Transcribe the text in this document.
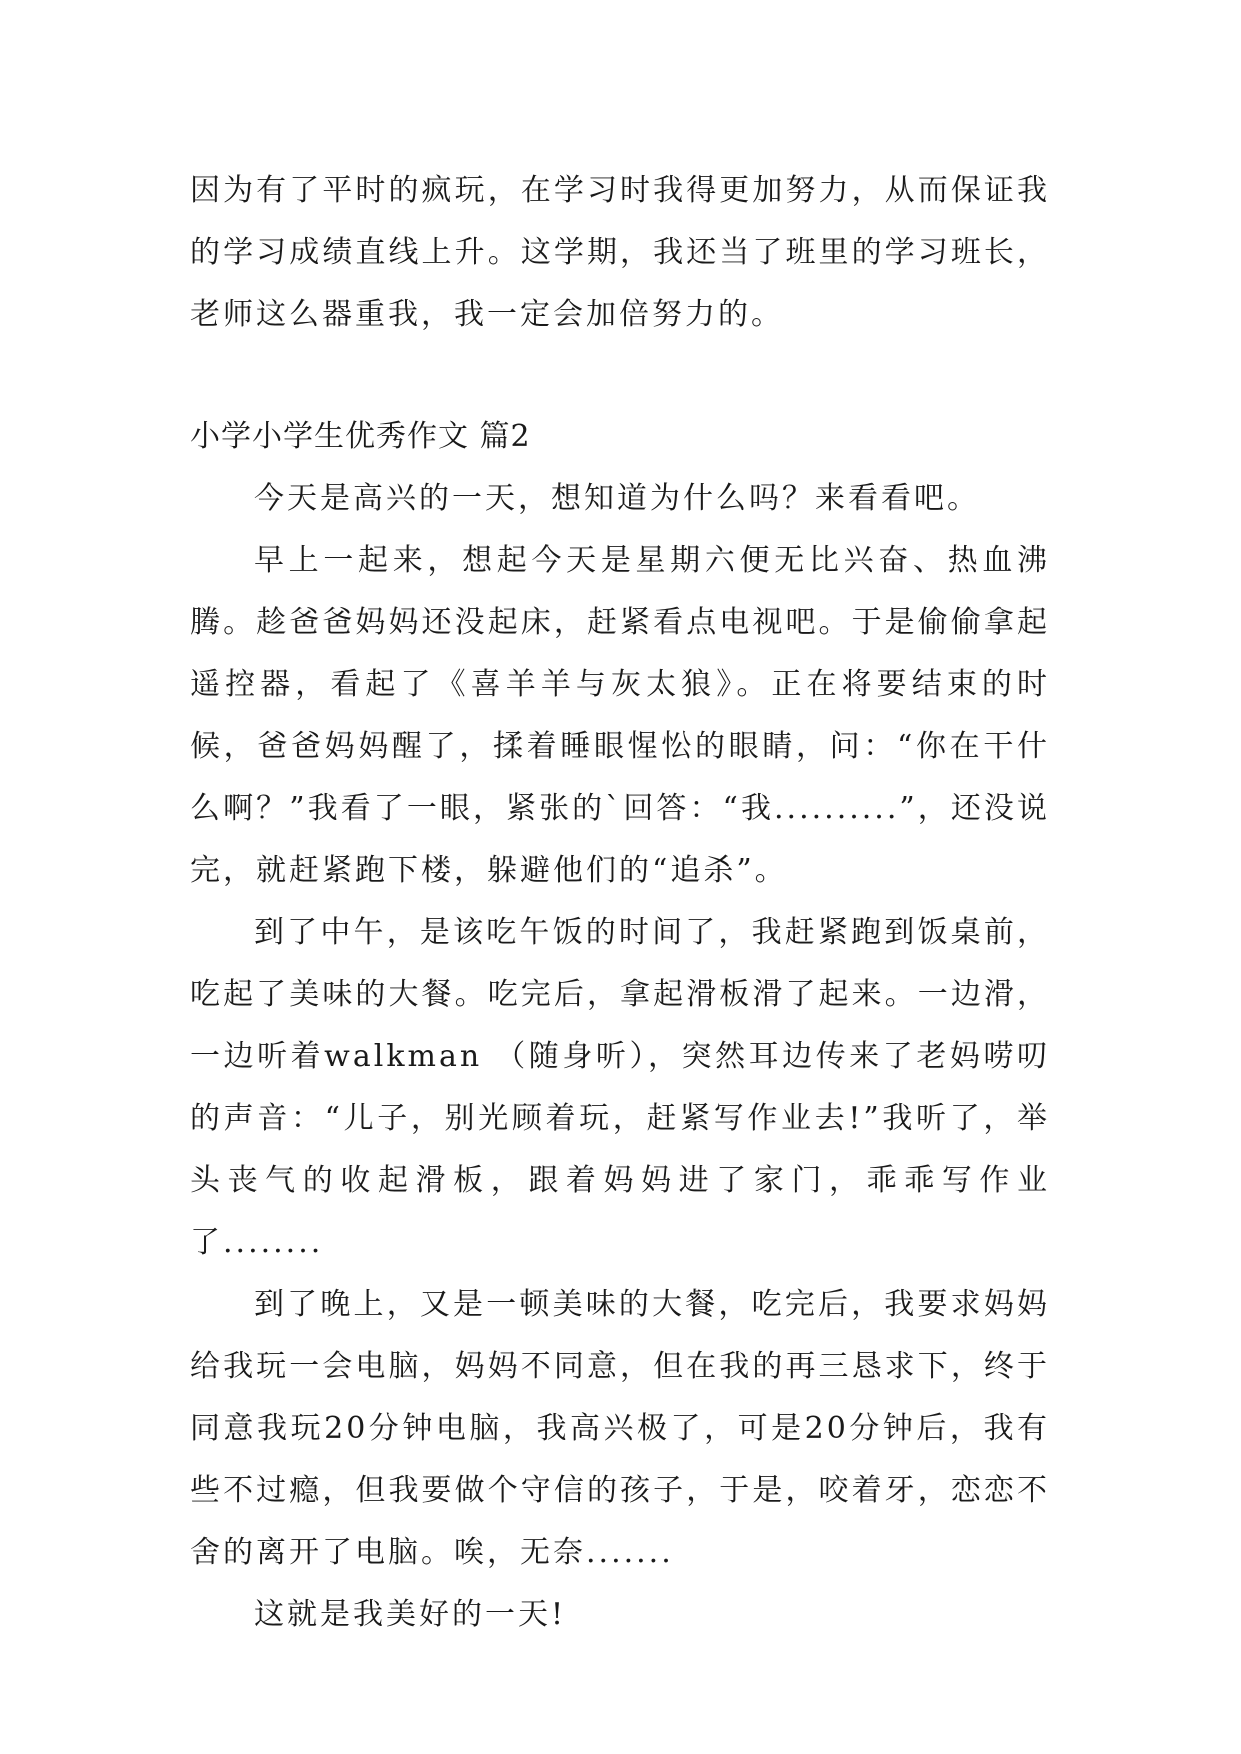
因为有了平时的疯玩，在学习时我得更加努力，从而保证我的学习成绩直线上升。这学期，我还当了班里的学习班长，老师这么器重我，我一定会加倍努力的。

小学小学生优秀作文 篇2

今天是高兴的一天，想知道为什么吗？来看看吧。

早上一起来，想起今天是星期六便无比兴奋、热血沸腾。趁爸爸妈妈还没起床，赶紧看点电视吧。于是偷偷拿起遥控器，看起了《喜羊羊与灰太狼》。正在将要结束的时候，爸爸妈妈醒了，揉着睡眼惺忪的眼睛，问：“你在干什么啊？”我看了一眼，紧张的`回答：“我..........”，还没说完，就赶紧跑下楼，躲避他们的“追杀”。

到了中午，是该吃午饭的时间了，我赶紧跑到饭桌前，吃起了美味的大餐。吃完后，拿起滑板滑了起来。一边滑，一边听着walkman （随身听），突然耳边传来了老妈唠叨的声音：“儿子，别光顾着玩，赶紧写作业去!”我听了，举头丧气的收起滑板，跟着妈妈进了家门，乖乖写作业了........

到了晚上，又是一顿美味的大餐，吃完后，我要求妈妈给我玩一会电脑，妈妈不同意，但在我的再三恳求下，终于同意我玩20分钟电脑，我高兴极了，可是20分钟后，我有些不过瘾，但我要做个守信的孩子，于是，咬着牙，恋恋不舍的离开了电脑。唉，无奈.......

这就是我美好的一天!
